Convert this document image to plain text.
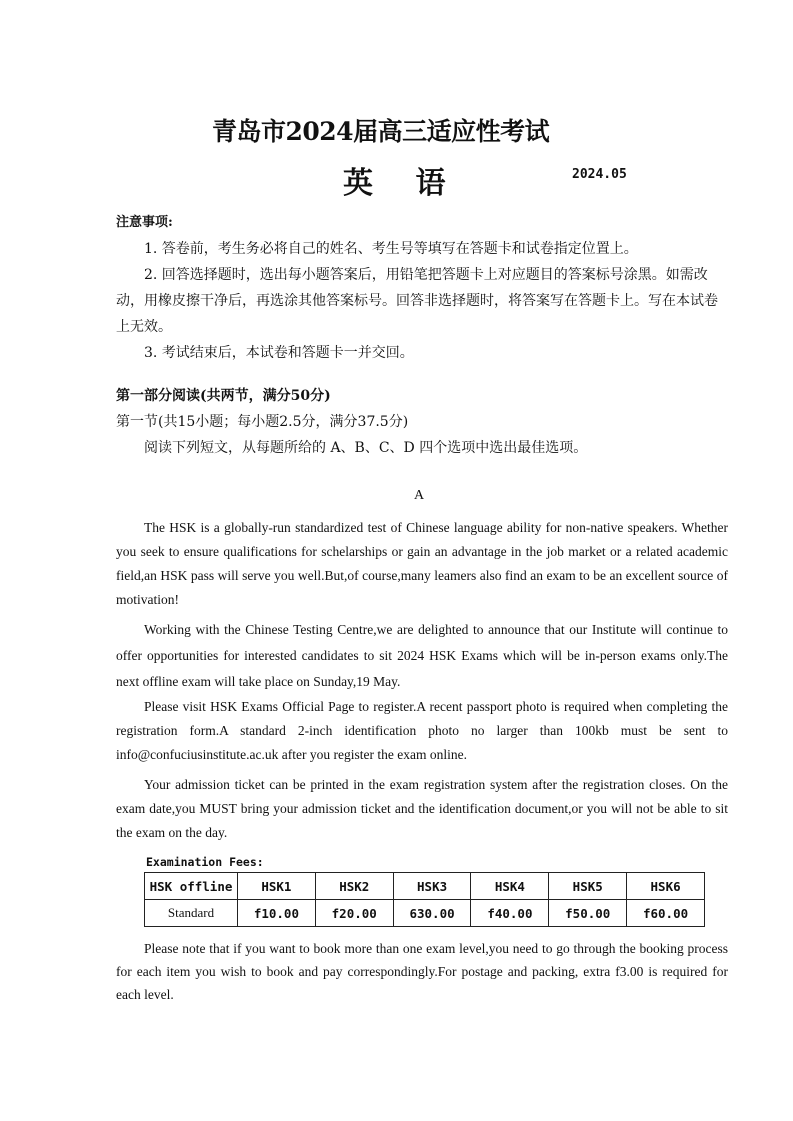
青岛市2024届高三适应性考试
英 语	2024.05
注意事项:
1. 答卷前，考生务必将自己的姓名、考生号等填写在答题卡和试卷指定位置上。
2. 回答选择题时，选出每小题答案后，用铅笔把答题卡上对应题目的答案标号涂黑。如需改动，用橡皮擦干净后，再选涂其他答案标号。回答非选择题时，将答案写在答题卡上。写在本试卷上无效。
3. 考试结束后，本试卷和答题卡一并交回。
第一部分阅读(共两节，满分50分)
第一节(共15小题；每小题2.5分，满分37.5分)
阅读下列短文，从每题所给的 A、B、C、D 四个选项中选出最佳选项。
A
The HSK is a globally-run standardized test of Chinese language ability for non-native speakers. Whether you seek to ensure qualifications for schelarships or gain an advantage in the job market or a related academic field,an HSK pass will serve you well.But,of course,many leamers also find an exam to be an excellent source of motivation!
Working with the Chinese Testing Centre,we are delighted to announce that our Institute will continue to offer opportunities for interested candidates to sit 2024 HSK Exams which will be in-person exams only.The next offline exam will take place on Sunday,19 May.
Please visit HSK Exams Official Page to register.A recent passport photo is required when completing the registration form.A standard 2-inch identification photo no larger than 100kb must be sent to info@confuciusinstitute.ac.uk after you register the exam online.
Your admission ticket can be printed in the exam registration system after the registration closes. On the exam date,you MUST bring your admission ticket and the identification document,or you will not be able to sit the exam on the day.
Examination Fees:
HSK offline	HSK1	HSK2	HSK3	HSK4	HSK5	HSK6
Standard	f10.00	f20.00	630.00	f40.00	f50.00	f60.00
Please note that if you want to book more than one exam level,you need to go through the booking process for each item you wish to book and pay correspondingly.For postage and packing, extra f3.00 is required for each level.
